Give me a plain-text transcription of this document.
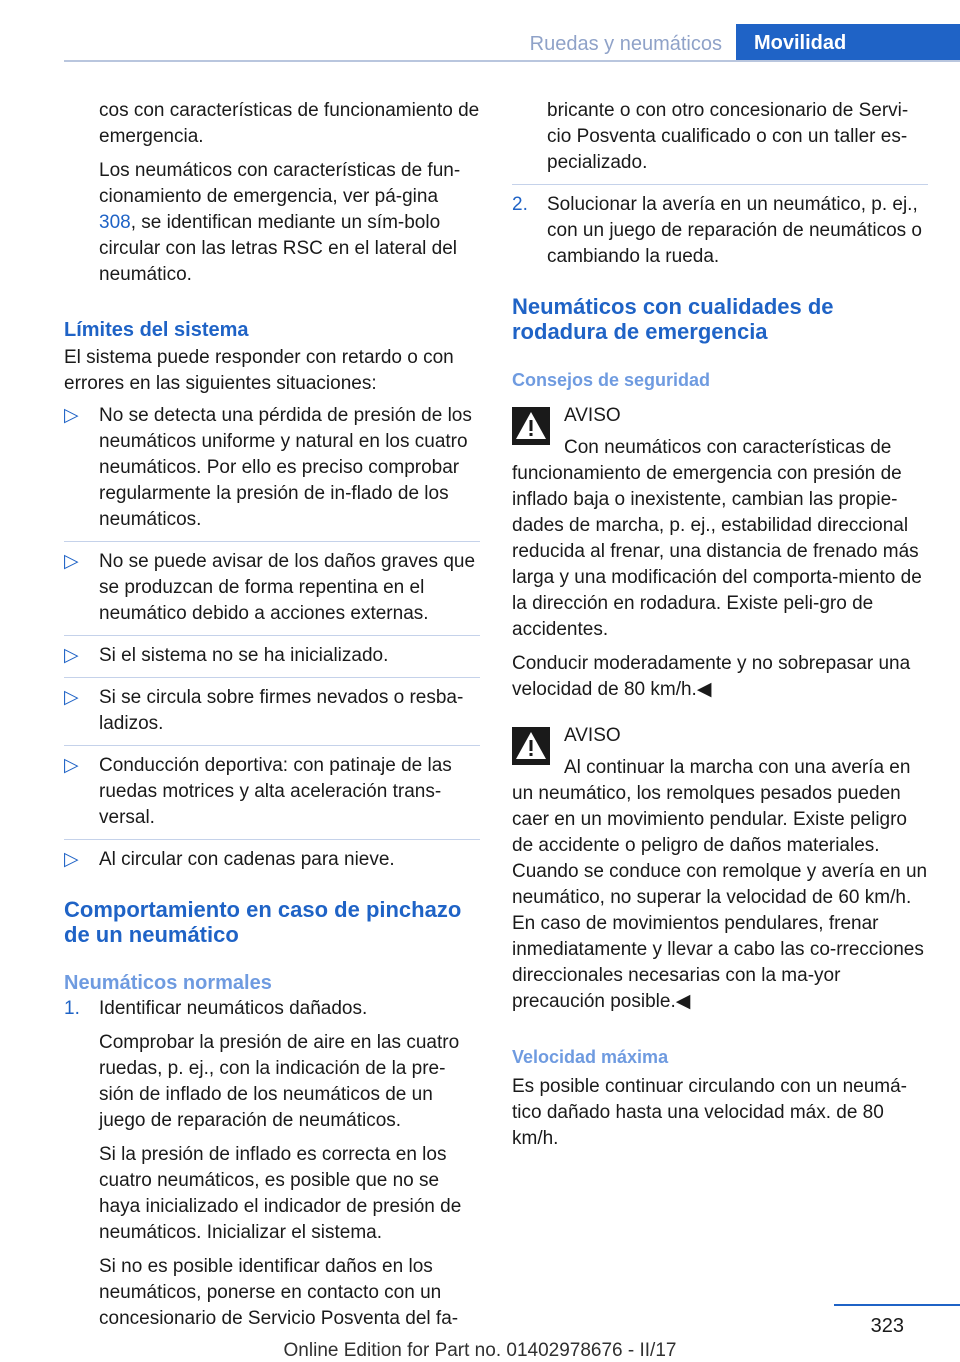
Ruedas y neumáticos	Movilidad

cos con características de funcionamiento de emergencia.

Los neumáticos con características de fun‐cionamiento de emergencia, ver pá‐gina 308, se identifican mediante un sím‐bolo circular con las letras RSC en el lateral del neumático.

Límites del sistema

El sistema puede responder con retardo o con errores en las siguientes situaciones:

▷ No se detecta una pérdida de presión de los neumáticos uniforme y natural en los cuatro neumáticos. Por ello es preciso comprobar regularmente la presión de in‐flado de los neumáticos.
▷ No se puede avisar de los daños graves que se produzcan de forma repentina en el neumático debido a acciones externas.
▷ Si el sistema no se ha inicializado.
▷ Si se circula sobre firmes nevados o resba‐ladizos.
▷ Conducción deportiva: con patinaje de las ruedas motrices y alta aceleración trans‐versal.
▷ Al circular con cadenas para nieve.
Comportamiento en caso de pinchazo de un neumático
Neumáticos normales
1. Identificar neumáticos dañados.

Comprobar la presión de aire en las cuatro ruedas, p. ej., con la indicación de la pre‐sión de inflado de los neumáticos de un juego de reparación de neumáticos.

Si la presión de inflado es correcta en los cuatro neumáticos, es posible que no se haya inicializado el indicador de presión de neumáticos. Inicializar el sistema.

Si no es posible identificar daños en los neumáticos, ponerse en contacto con un concesionario de Servicio Posventa del fa‐

bricante o con otro concesionario de Servi‐cio Posventa cualificado o con un taller es‐pecializado.

2. Solucionar la avería en un neumático, p. ej., con un juego de reparación de neumáticos o cambiando la rueda.
Neumáticos con cualidades de rodadura de emergencia
Consejos de seguridad
AVISO

Con neumáticos con características de funcionamiento de emergencia con presión de inflado baja o inexistente, cambian las propie‐dades de marcha, p. ej., estabilidad direccional reducida al frenar, una distancia de frenado más larga y una modificación del comporta‐miento de la dirección en rodadura. Existe peli‐gro de accidentes.

Conducir moderadamente y no sobrepasar una velocidad de 80 km/h.◀

AVISO

Al continuar la marcha con una avería en un neumático, los remolques pesados pueden caer en un movimiento pendular. Existe peligro de accidente o peligro de daños materiales. Cuando se conduce con remolque y avería en un neumático, no superar la velocidad de 60 km/h. En caso de movimientos pendulares, frenar inmediatamente y llevar a cabo las co‐rrecciones direccionales necesarias con la ma‐yor precaución posible.◀

Velocidad máxima

Es posible continuar circulando con un neumá‐tico dañado hasta una velocidad máx. de 80 km/h.

323
Online Edition for Part no. 01402978676 - II/17
